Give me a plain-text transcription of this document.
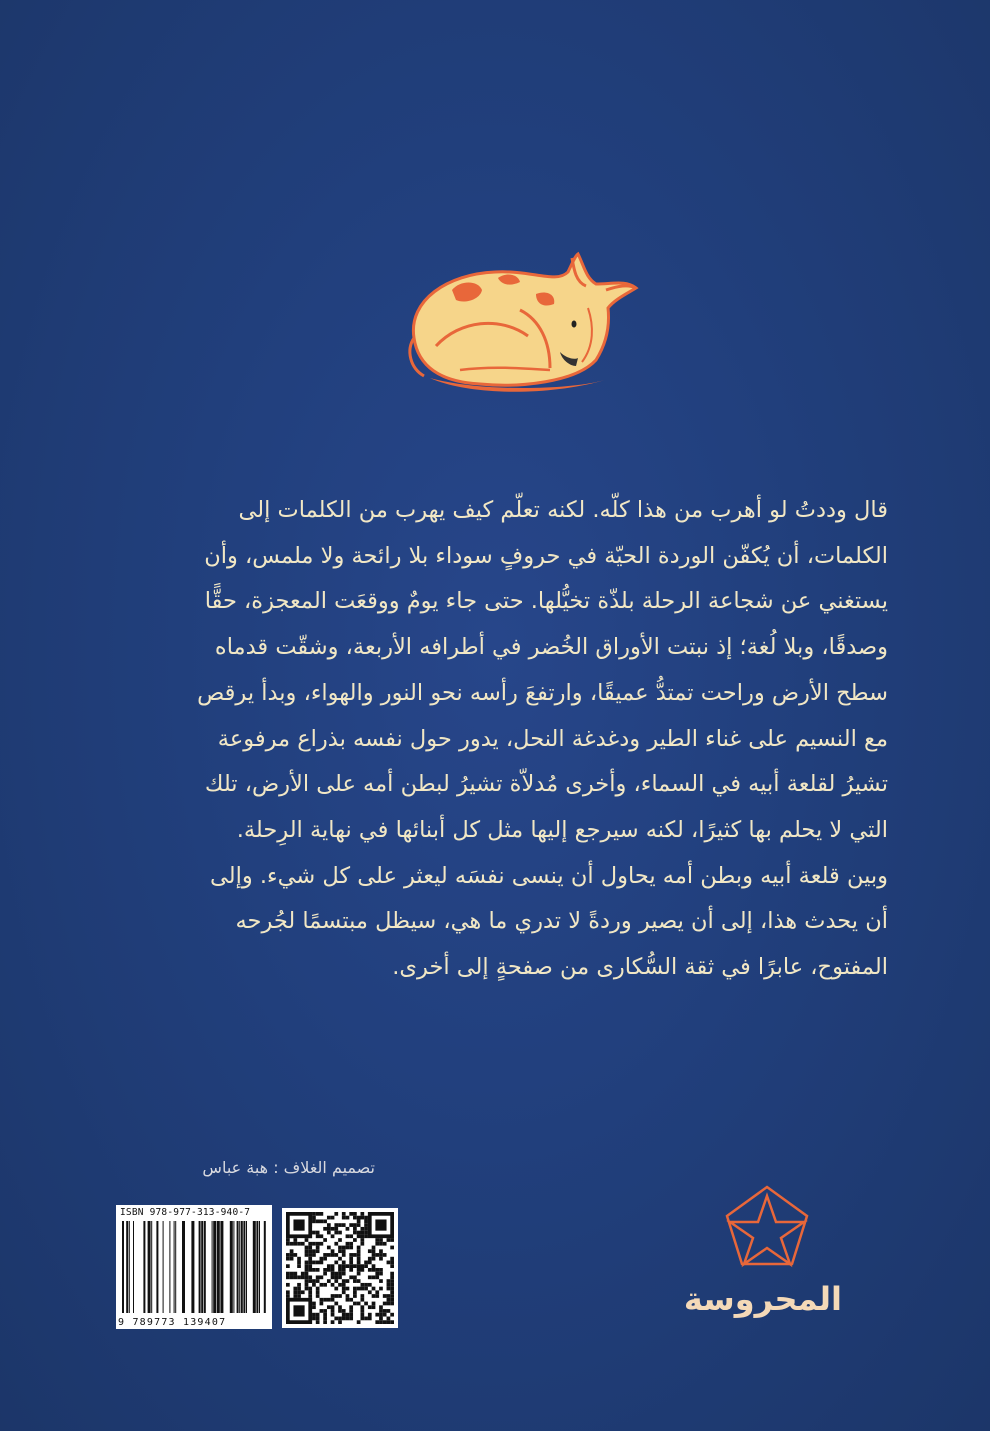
قال وددتُ لو أهرب من هذا كلّه. لكنه تعلّم كيف يهرب من الكلمات إلى
الكلمات، أن يُكفّن الوردة الحيّة في حروفٍ سوداء بلا رائحة ولا ملمس، وأن
يستغني عن شجاعة الرحلة بلذّة تخيُّلها. حتى جاء يومٌ ووقعَت المعجزة، حقًّا
وصدقًا، وبلا لُغة؛ إذ نبتت الأوراق الخُضر في أطرافه الأربعة، وشقّت قدماه
سطح الأرض وراحت تمتدُّ عميقًا، وارتفعَ رأسه نحو النور والهواء، وبدأ يرقص
مع النسيم على غناء الطير ودغدغة النحل، يدور حول نفسه بذراع مرفوعة
تشيرُ لقلعة أبيه في السماء، وأخرى مُدلاّة تشيرُ لبطن أمه على الأرض، تلك
التي لا يحلم بها كثيرًا، لكنه سيرجع إليها مثل كل أبنائها في نهاية الرِحلة.
وبين قلعة أبيه وبطن أمه يحاول أن ينسى نفسَه ليعثر على كل شيء. وإلى
أن يحدث هذا، إلى أن يصير وردةً لا تدري ما هي، سيظل مبتسمًا لجُرحه
المفتوح، عابرًا في ثقة السُّكارى من صفحةٍ إلى أخرى.

تصميم الغلاف : هبة عباس
ISBN 978-977-313-940-7
9 789773 139407
المحروسة
